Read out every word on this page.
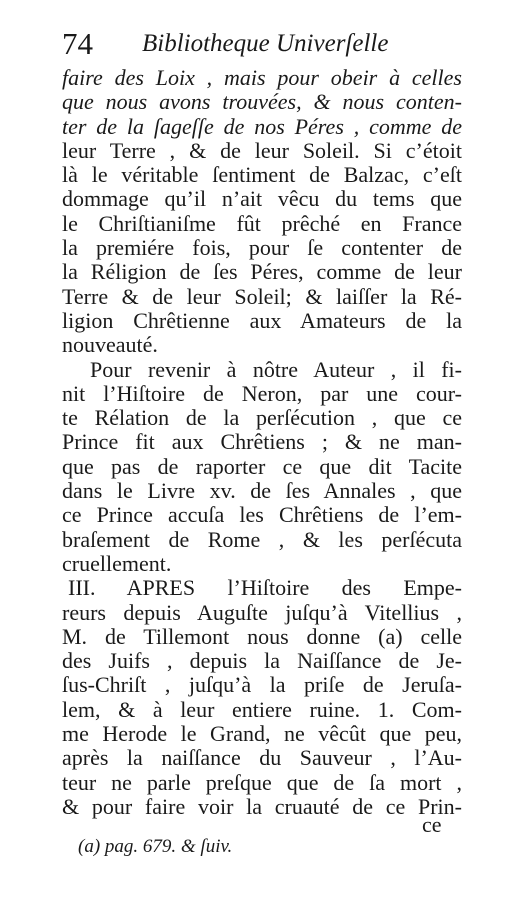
74 Bibliotheque Univerſelle
faire des Loix , mais pour obeir à celles
que nous avons trouvées, & nous conten-
ter de la ſageſſe de nos Péres , comme de
leur Terre , & de leur Soleil. Si c’étoit
là le véritable ſentiment de Balzac, c’eſt
dommage qu’il n’ait vêcu du tems que
le Chriſtianiſme fût prêché en France
la premiére fois, pour ſe contenter de
la Réligion de ſes Péres, comme de leur
Terre & de leur Soleil; & laiſſer la Ré-
ligion Chrêtienne aux Amateurs de la
nouveauté.
Pour revenir à nôtre Auteur , il fi-
nit l’Hiſtoire de Neron, par une cour-
te Rélation de la perſécution , que ce
Prince fit aux Chrêtiens ; & ne man-
que pas de raporter ce que dit Tacite
dans le Livre xv. de ſes Annales , que
ce Prince accuſa les Chrêtiens de l’em-
braſement de Rome , & les perſécuta
cruellement.
III. APRES l’Hiſtoire des Empe-
reurs depuis Auguſte juſqu’à Vitellius ,
M. de Tillemont nous donne (a) celle
des Juifs , depuis la Naiſſance de Je-
ſus-Chriſt , juſqu’à la priſe de Jeruſa-
lem, & à leur entiere ruine. 1. Com-
me Herode le Grand, ne vêcût que peu,
après la naiſſance du Sauveur , l’Au-
teur ne parle preſque que de ſa mort ,
& pour faire voir la cruauté de ce Prin-
ce
(a) pag. 679. & ſuiv.
